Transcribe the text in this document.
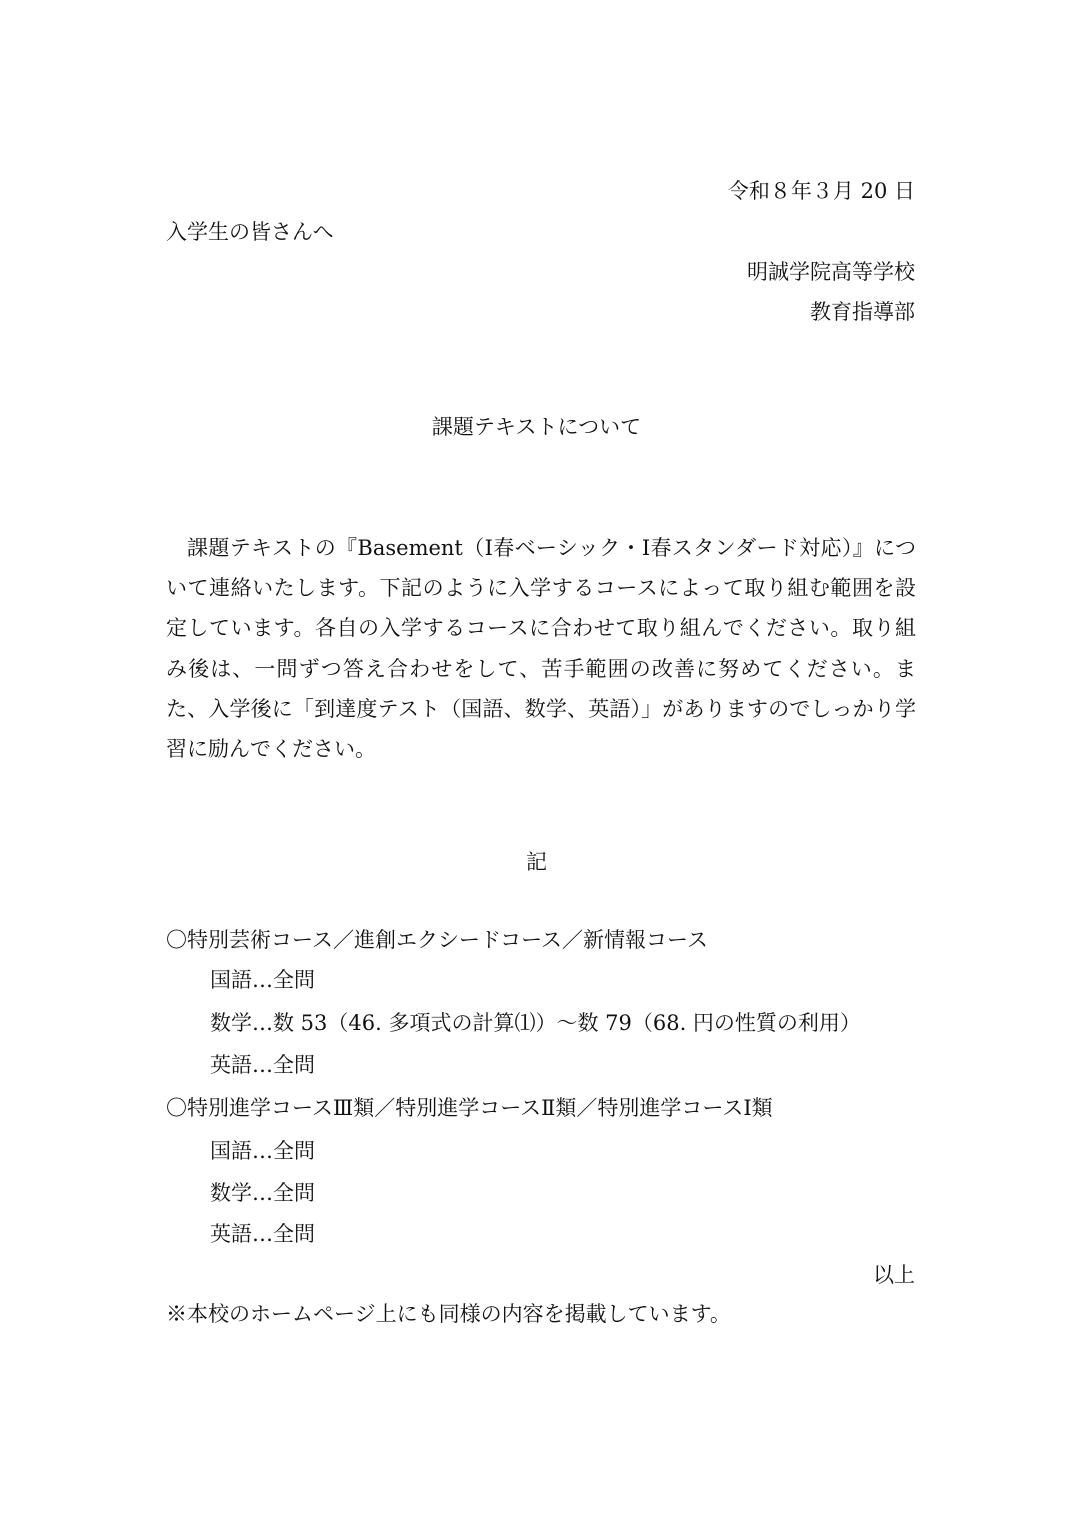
令和８年３月 20 日
入学生の皆さんへ
明誠学院高等学校
教育指導部
課題テキストについて
課題テキストの『Basement（Ⅰ春ベーシック・Ⅰ春スタンダード対応）』について連絡いたします。下記のように入学するコースによって取り組む範囲を設定しています。各自の入学するコースに合わせて取り組んでください。取り組み後は、一問ずつ答え合わせをして、苦手範囲の改善に努めてください。また、入学後に「到達度テスト（国語、数学、英語）」がありますのでしっかり学習に励んでください。
記
〇特別芸術コース／進創エクシードコース／新情報コース
国語…全問
数学…数 53（46. 多項式の計算⑴）～数 79（68. 円の性質の利用）
英語…全問
〇特別進学コースⅢ類／特別進学コースⅡ類／特別進学コースⅠ類
国語…全問
数学…全問
英語…全問
以上
※本校のホームページ上にも同様の内容を掲載しています。
